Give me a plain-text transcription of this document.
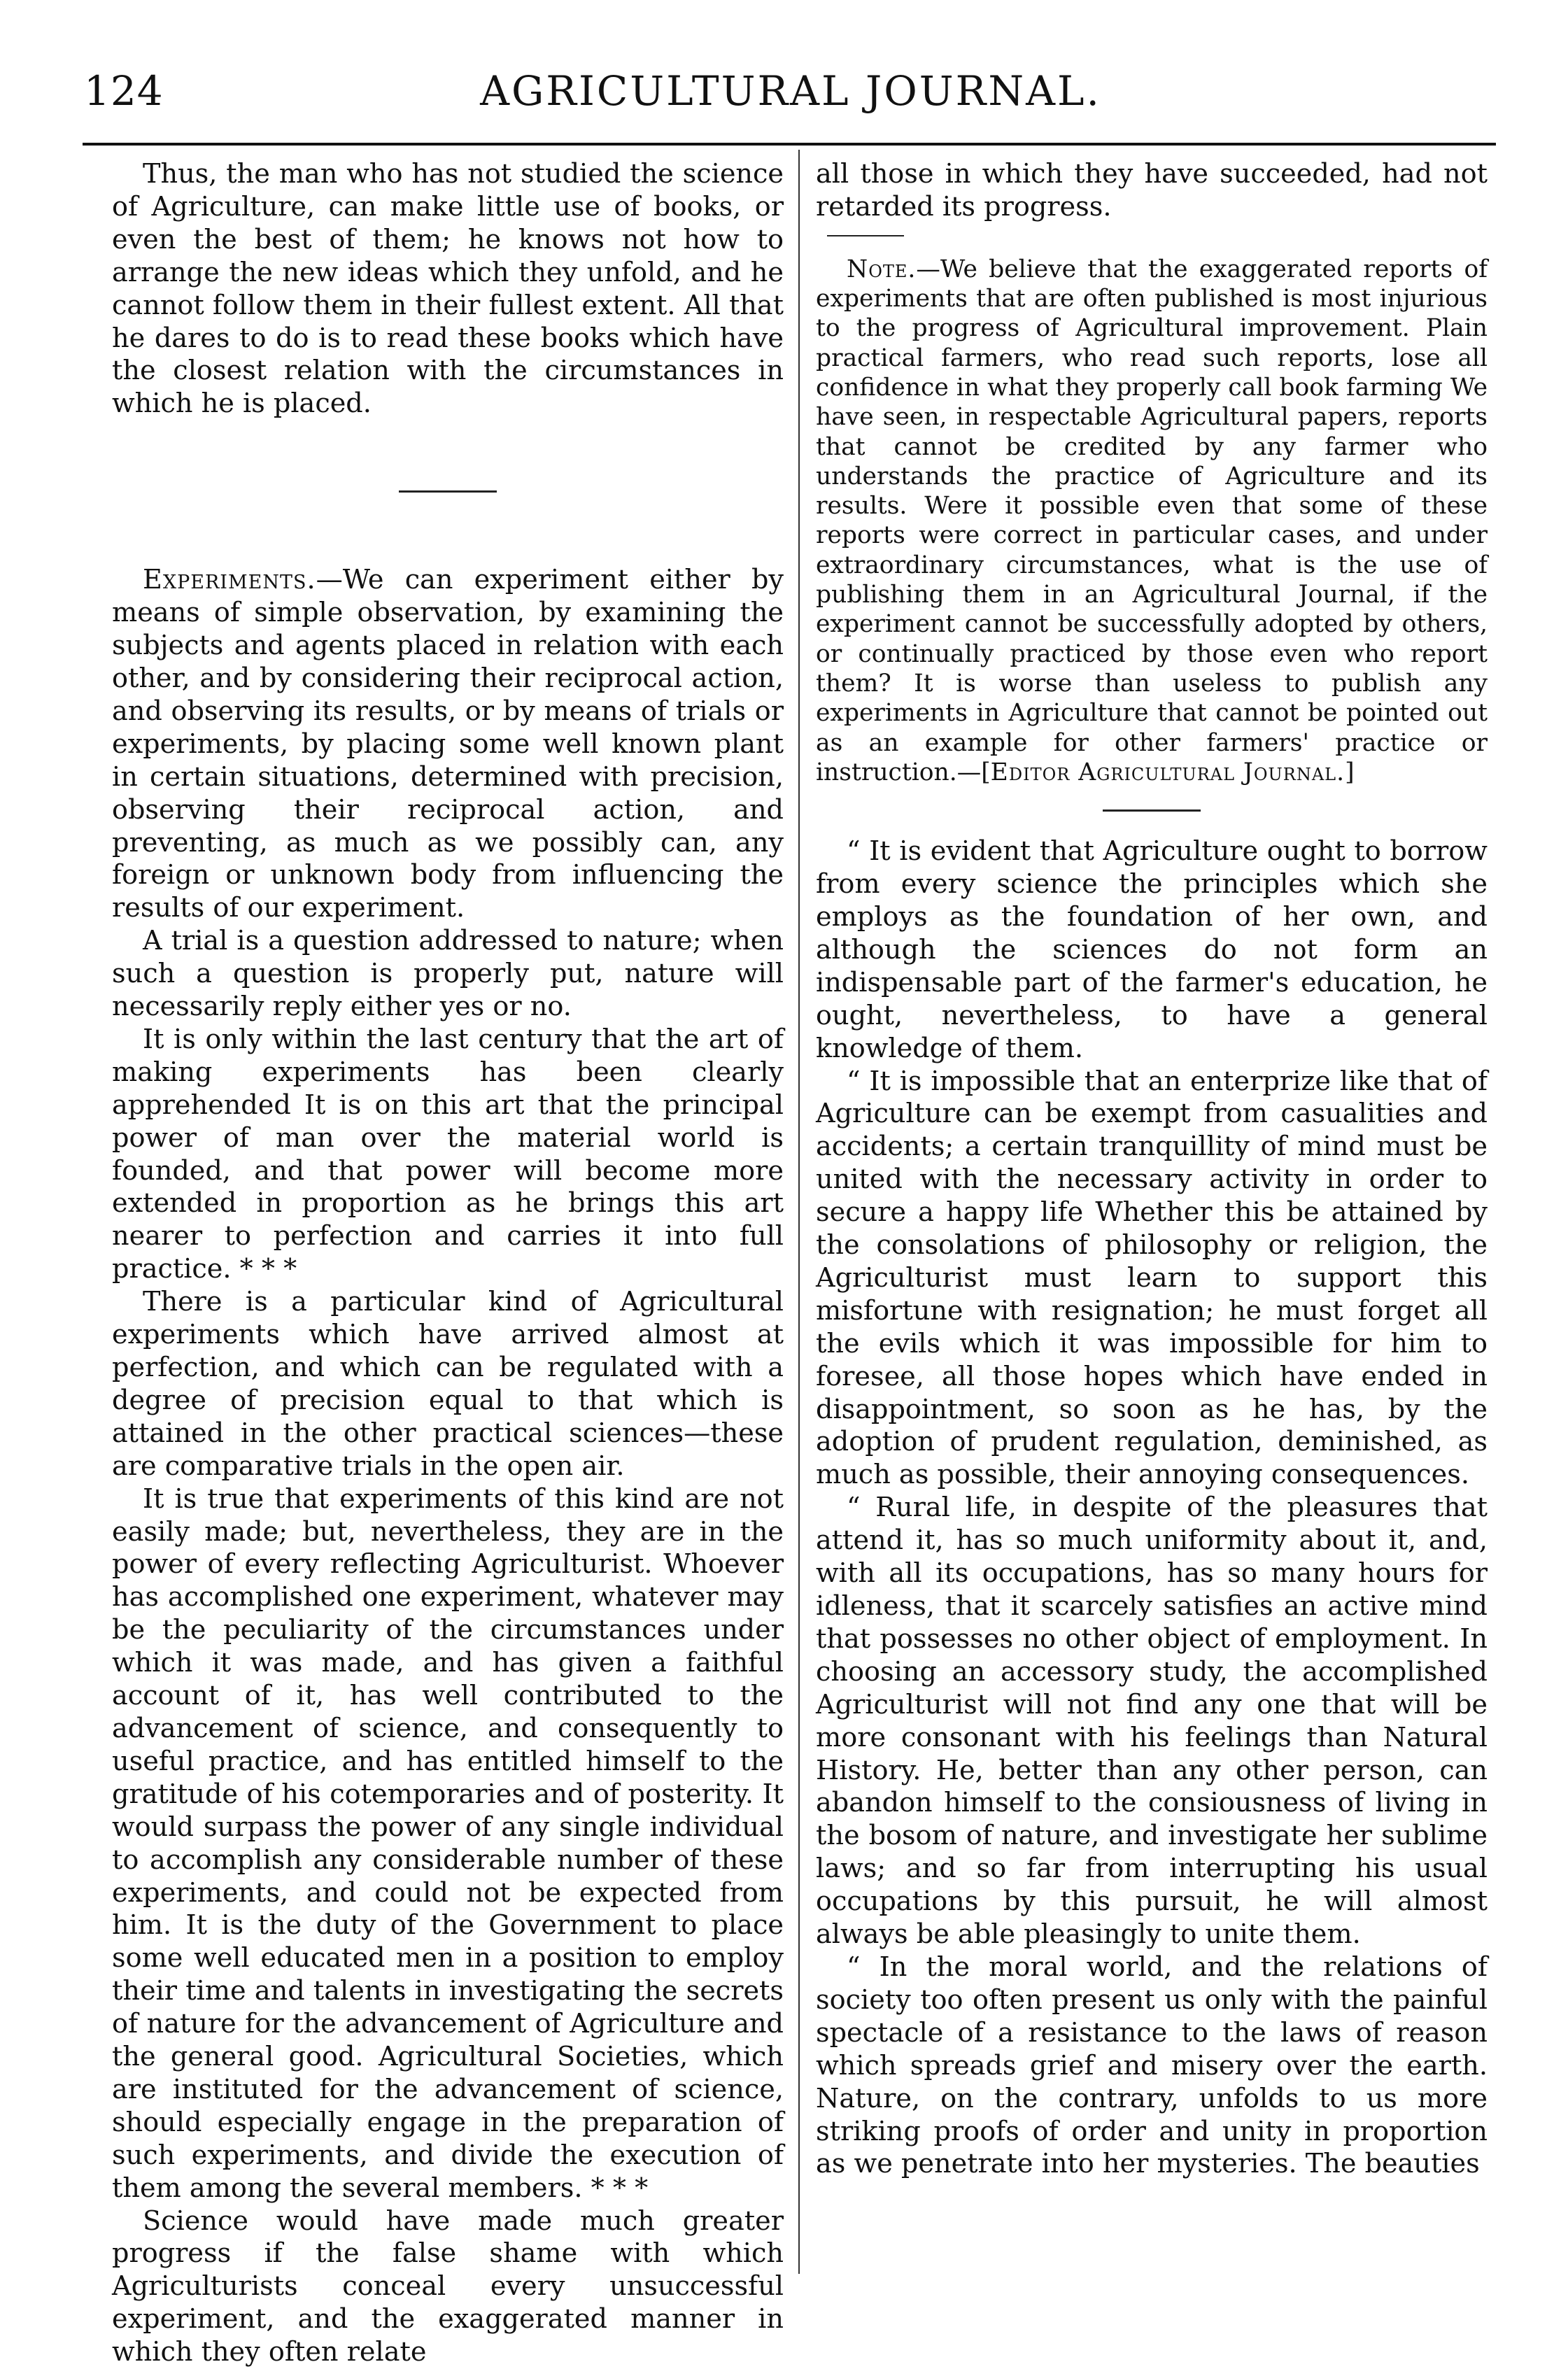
124	AGRICULTURAL JOURNAL.

Thus, the man who has not studied the science of Agriculture, can make little use of books, or even the best of them; he knows not how to arrange the new ideas which they unfold, and he cannot follow them in their fullest extent. All that he dares to do is to read these books which have the closest relation with the circumstances in which he is placed.

Experiments.—We can experiment either by means of simple observation, by examining the subjects and agents placed in relation with each other, and by considering their reciprocal action, and observing its results, or by means of trials or experiments, by placing some well known plant in certain situations, determined with precision, observing their reciprocal action, and preventing, as much as we possibly can, any foreign or unknown body from influencing the results of our experiment.

A trial is a question addressed to nature; when such a question is properly put, nature will necessarily reply either yes or no.

It is only within the last century that the art of making experiments has been clearly apprehended It is on this art that the principal power of man over the material world is founded, and that power will become more extended in proportion as he brings this art nearer to perfection and carries it into full practice. * * *

There is a particular kind of Agricultural experiments which have arrived almost at perfection, and which can be regulated with a degree of precision equal to that which is attained in the other practical sciences—these are comparative trials in the open air.

It is true that experiments of this kind are not easily made; but, nevertheless, they are in the power of every reflecting Agriculturist. Whoever has accomplished one experiment, whatever may be the peculiarity of the circumstances under which it was made, and has given a faithful account of it, has well contributed to the advancement of science, and consequently to useful practice, and has entitled himself to the gratitude of his cotemporaries and of posterity. It would surpass the power of any single individual to accomplish any considerable number of these experiments, and could not be expected from him. It is the duty of the Government to place some well educated men in a position to employ their time and talents in investigating the secrets of nature for the advancement of Agriculture and the general good. Agricultural Societies, which are instituted for the advancement of science, should especially engage in the preparation of such experiments, and divide the execution of them among the several members. * * *

Science would have made much greater progress if the false shame with which Agriculturists conceal every unsuccessful experiment, and the exaggerated manner in which they often relate

all those in which they have succeeded, had not retarded its progress.

Note.—We believe that the exaggerated reports of experiments that are often published is most injurious to the progress of Agricultural improvement. Plain practical farmers, who read such reports, lose all confidence in what they properly call book farming We have seen, in respectable Agricultural papers, reports that cannot be credited by any farmer who understands the practice of Agriculture and its results. Were it possible even that some of these reports were correct in particular cases, and under extraordinary circumstances, what is the use of publishing them in an Agricultural Journal, if the experiment cannot be successfully adopted by others, or continually practiced by those even who report them? It is worse than useless to publish any experiments in Agriculture that cannot be pointed out as an example for other farmers' practice or instruction.—[Editor Agricultural Journal.]

“ It is evident that Agriculture ought to borrow from every science the principles which she employs as the foundation of her own, and although the sciences do not form an indispensable part of the farmer's education, he ought, nevertheless, to have a general knowledge of them.

“ It is impossible that an enterprize like that of Agriculture can be exempt from casualities and accidents; a certain tranquillity of mind must be united with the necessary activity in order to secure a happy life Whether this be attained by the consolations of philosophy or religion, the Agriculturist must learn to support this misfortune with resignation; he must forget all the evils which it was impossible for him to foresee, all those hopes which have ended in disappointment, so soon as he has, by the adoption of prudent regulation, deminished, as much as possible, their annoying consequences.

“ Rural life, in despite of the pleasures that attend it, has so much uniformity about it, and, with all its occupations, has so many hours for idleness, that it scarcely satisfies an active mind that possesses no other object of employment. In choosing an accessory study, the accomplished Agriculturist will not find any one that will be more consonant with his feelings than Natural History. He, better than any other person, can abandon himself to the consiousness of living in the bosom of nature, and investigate her sublime laws; and so far from interrupting his usual occupations by this pursuit, he will almost always be able pleasingly to unite them.

“ In the moral world, and the relations of society too often present us only with the painful spectacle of a resistance to the laws of reason which spreads grief and misery over the earth. Nature, on the contrary, unfolds to us more striking proofs of order and unity in proportion as we penetrate into her mysteries. The beauties
